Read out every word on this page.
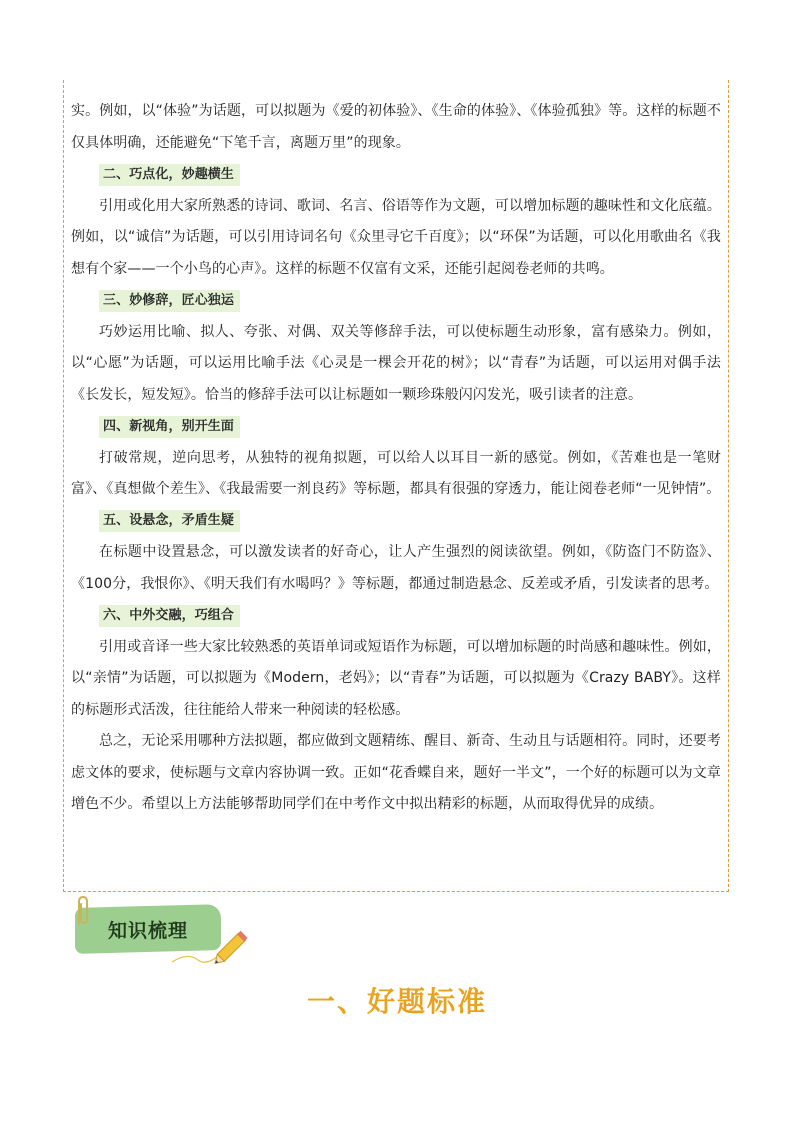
实。例如，以“体验”为话题，可以拟题为《爱的初体验》、《生命的体验》、《体验孤独》等。这样的标题不仅具体明确，还能避免“下笔千言，离题万里”的现象。

二、巧点化，妙趣横生

引用或化用大家所熟悉的诗词、歌词、名言、俗语等作为文题，可以增加标题的趣味性和文化底蕴。例如，以“诚信”为话题，可以引用诗词名句《众里寻它千百度》；以“环保”为话题，可以化用歌曲名《我想有个家——一个小鸟的心声》。这样的标题不仅富有文采，还能引起阅卷老师的共鸣。

三、妙修辞，匠心独运

巧妙运用比喻、拟人、夸张、对偶、双关等修辞手法，可以使标题生动形象，富有感染力。例如，以“心愿”为话题，可以运用比喻手法《心灵是一棵会开花的树》；以“青春”为话题，可以运用对偶手法《长发长，短发短》。恰当的修辞手法可以让标题如一颗珍珠般闪闪发光，吸引读者的注意。

四、新视角，别开生面

打破常规，逆向思考，从独特的视角拟题，可以给人以耳目一新的感觉。例如，《苦难也是一笔财富》、《真想做个差生》、《我最需要一剂良药》等标题，都具有很强的穿透力，能让阅卷老师“一见钟情”。

五、设悬念，矛盾生疑

在标题中设置悬念，可以激发读者的好奇心，让人产生强烈的阅读欲望。例如，《防盗门不防盗》、《100分，我恨你》、《明天我们有水喝吗？》等标题，都通过制造悬念、反差或矛盾，引发读者的思考。

六、中外交融，巧组合

引用或音译一些大家比较熟悉的英语单词或短语作为标题，可以增加标题的时尚感和趣味性。例如，以“亲情”为话题，可以拟题为《Modern，老妈》；以“青春”为话题，可以拟题为《Crazy BABY》。这样的标题形式活泼，往往能给人带来一种阅读的轻松感。

总之，无论采用哪种方法拟题，都应做到文题精练、醒目、新奇、生动且与话题相符。同时，还要考虑文体的要求，使标题与文章内容协调一致。正如“花香蝶自来，题好一半文”，一个好的标题可以为文章增色不少。希望以上方法能够帮助同学们在中考作文中拟出精彩的标题，从而取得优异的成绩。

知识梳理
一、好题标准
